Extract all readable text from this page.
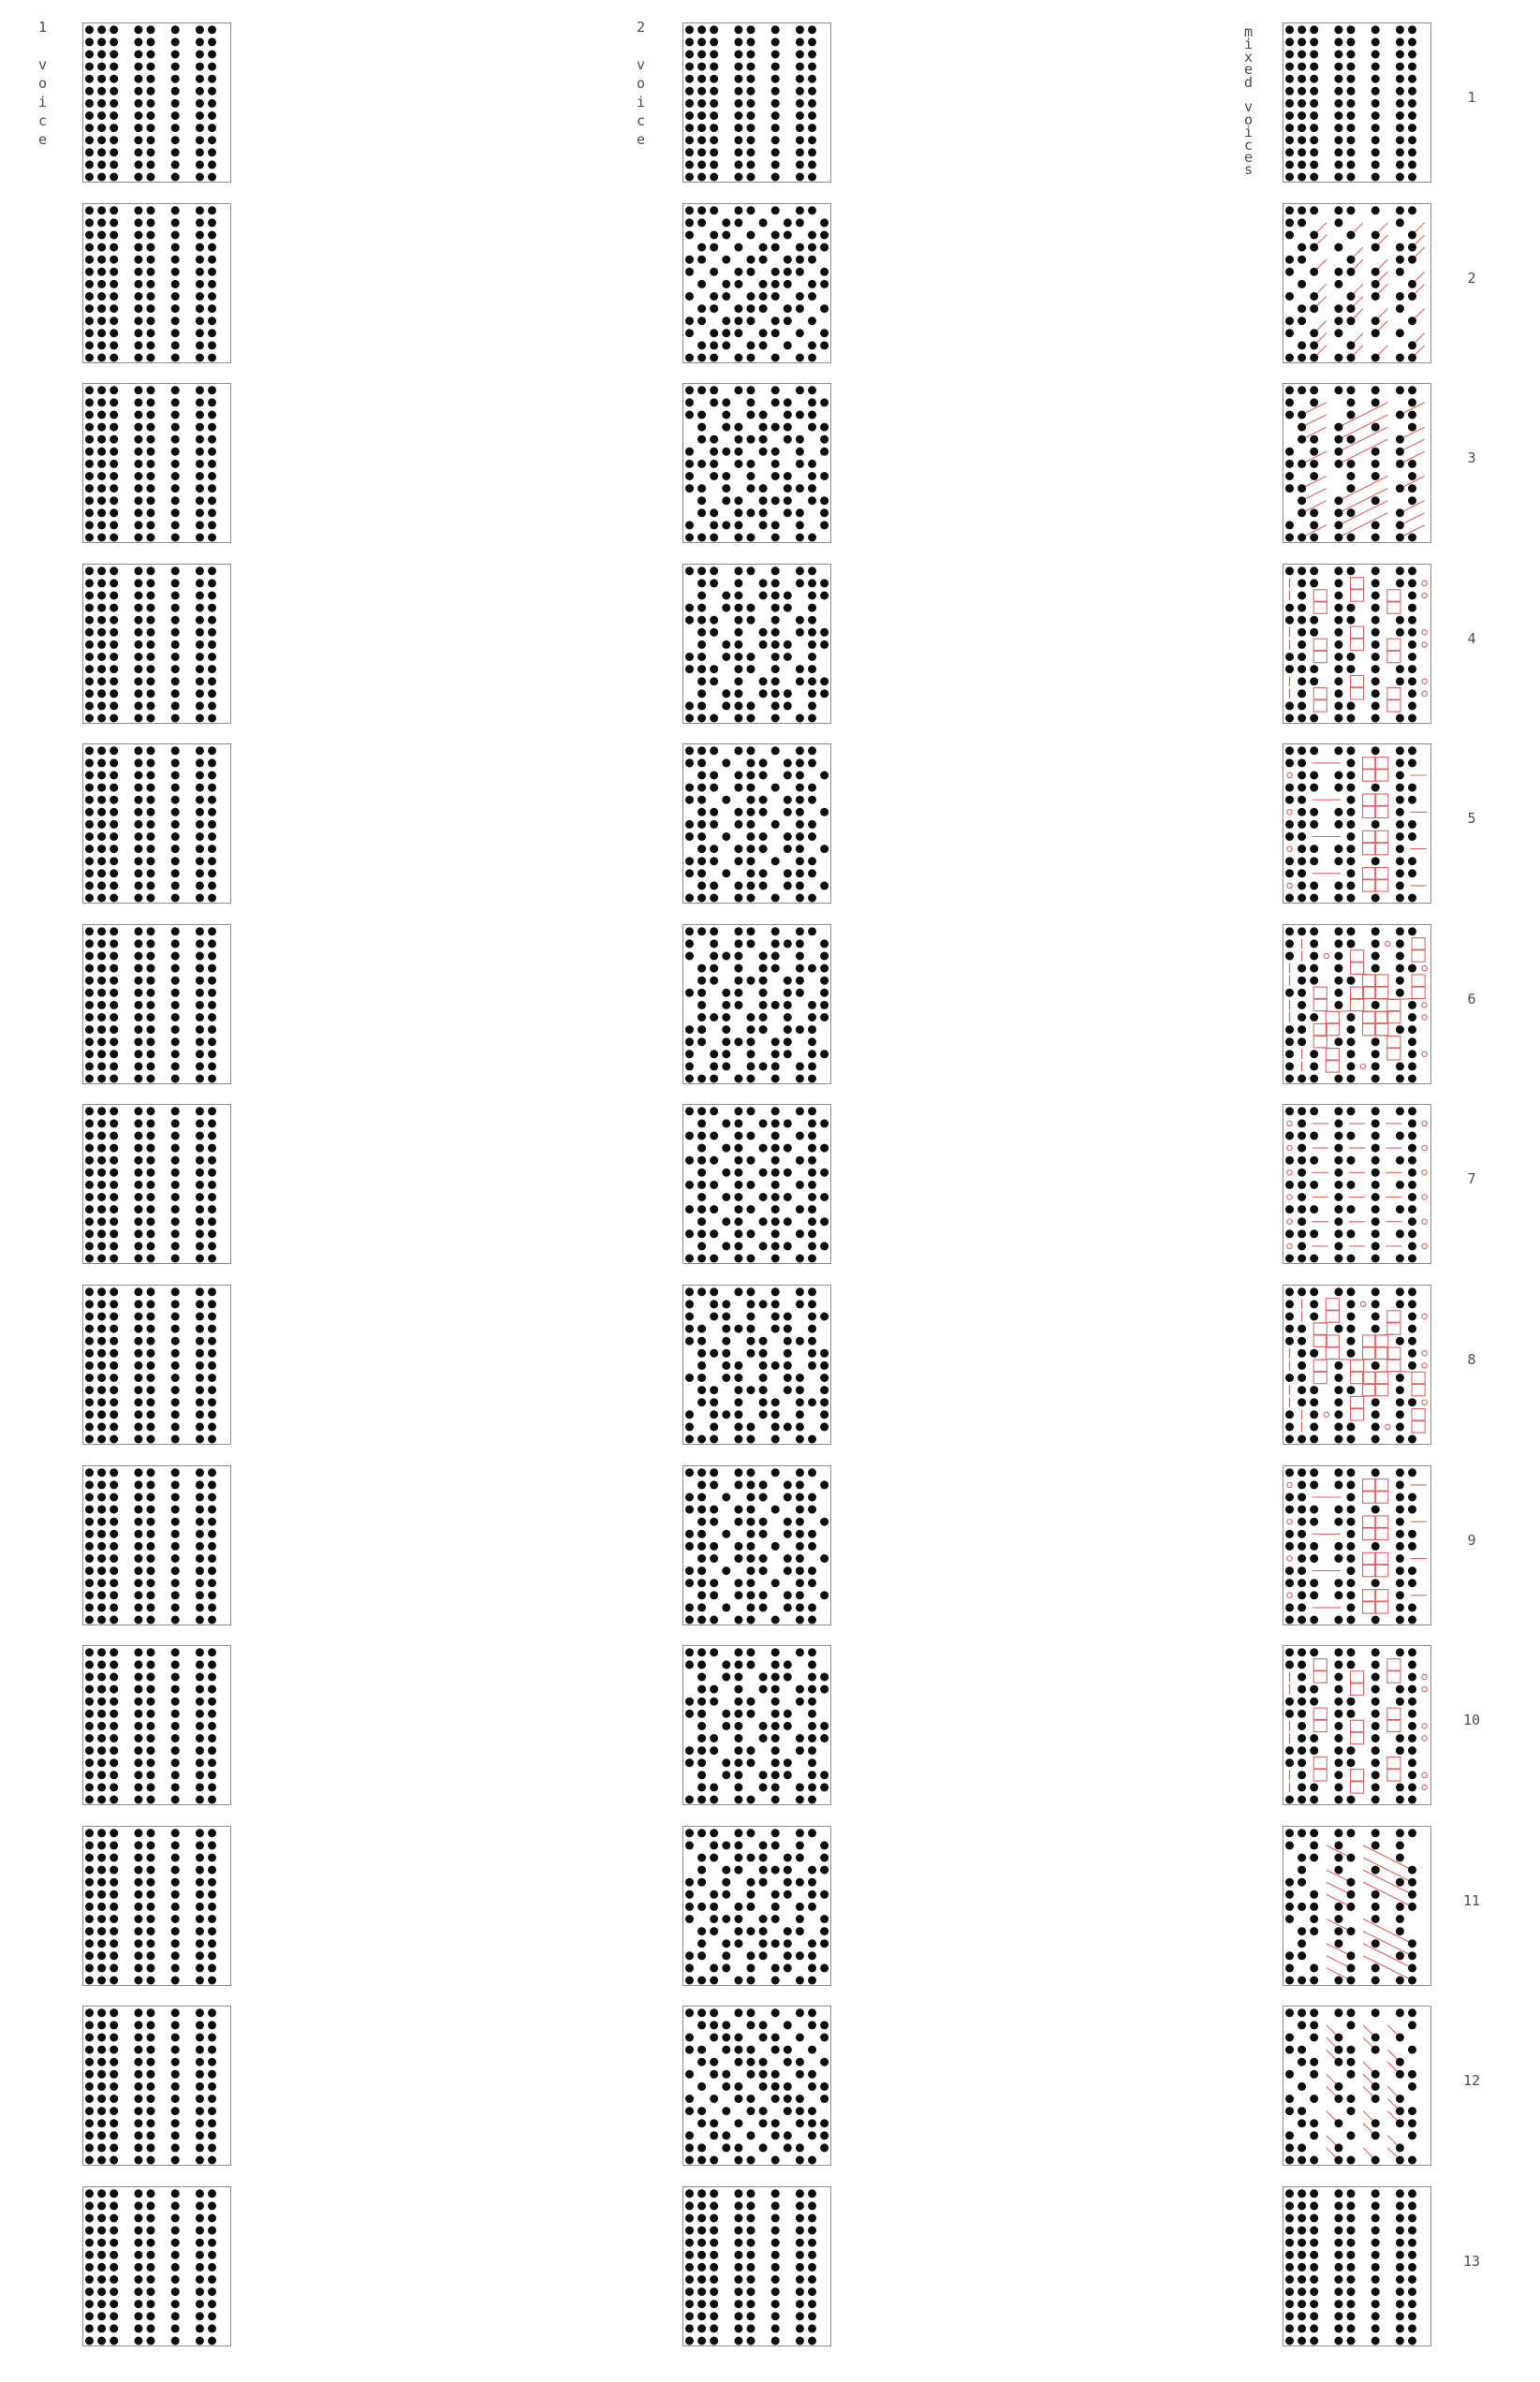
1	2
v
o
i
c
e
v
o
i
c
e
m
i
x
e
d
v
o
i
c
e
s
1
2
3
4
5
6
7
8
9
10
11
12
13
